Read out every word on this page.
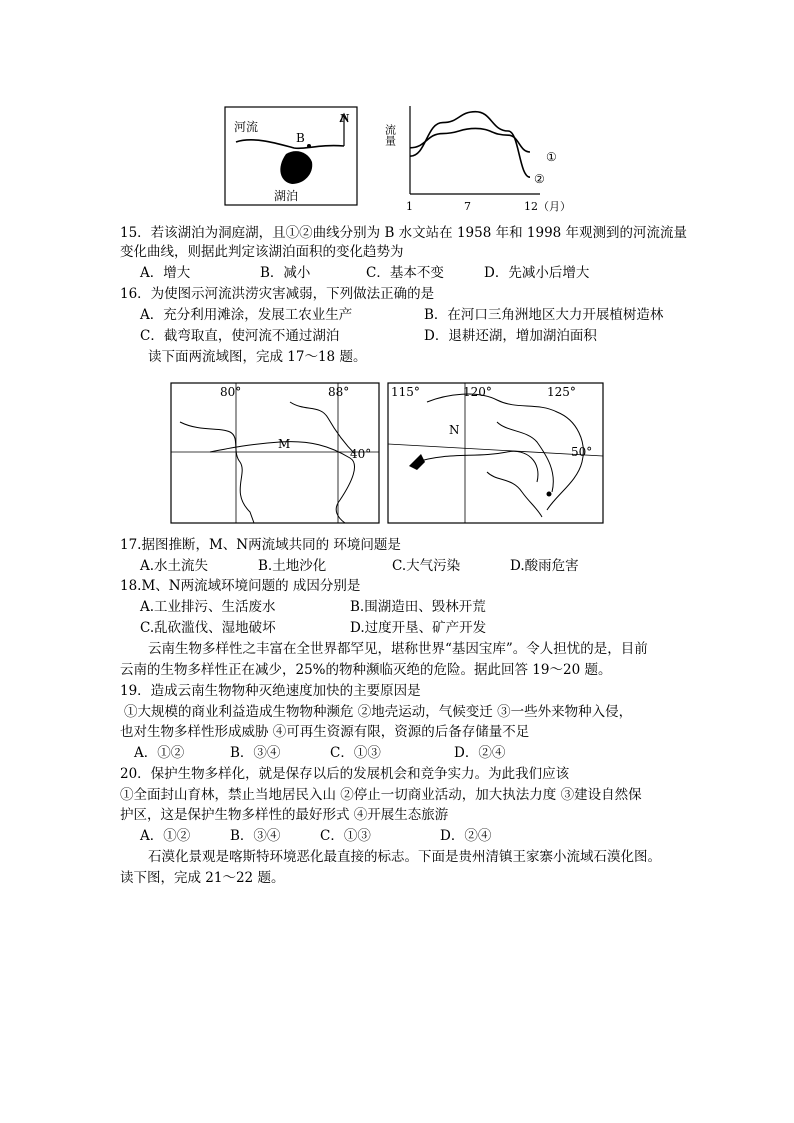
河流
B
N
湖泊
流量
1	7	12（月）
①
②
15．若该湖泊为洞庭湖，且①②曲线分别为 B 水文站在 1958 年和 1998 年观测到的河流流量
变化曲线，则据此判定该湖泊面积的变化趋势为
A．增大	B．减小	C．基本不变	D．先减小后增大
16．为使图示河流洪涝灾害减弱，下列做法正确的是
A．充分利用滩涂，发展工农业生产	B．在河口三角洲地区大力开展植树造林
C．截弯取直，使河流不通过湖泊	D．退耕还湖，增加湖泊面积
读下面两流域图，完成 17～18 题。
80°	88°
40°
M
115°	120°	125°
50°
N
17.据图推断，M、N两流域共同的 环境问题是
A.水土流失	B.土地沙化	C.大气污染	D.酸雨危害
18.M、N两流域环境问题的 成因分别是
A.工业排污、生活废水	B.围湖造田、毁林开荒
C.乱砍滥伐、湿地破坏	D.过度开垦、矿产开发
云南生物多样性之丰富在全世界都罕见，堪称世界“基因宝库”。令人担忧的是，目前
云南的生物多样性正在减少，25%的物种濒临灭绝的危险。据此回答 19～20 题。
19．造成云南生物物种灭绝速度加快的主要原因是
①大规模的商业利益造成生物物种濒危 ②地壳运动，气候变迁 ③一些外来物种入侵，
也对生物多样性形成威胁 ④可再生资源有限，资源的后备存储量不足
A．①②	B．③④	C．①③	D．②④
20．保护生物多样化，就是保存以后的发展机会和竞争实力。为此我们应该
①全面封山育林，禁止当地居民入山 ②停止一切商业活动，加大执法力度 ③建设自然保
护区，这是保护生物多样性的最好形式 ④开展生态旅游
A．①②	B．③④	C．①③	D．②④
石漠化景观是喀斯特环境恶化最直接的标志。下面是贵州清镇王家寨小流域石漠化图。
读下图，完成 21～22 题。
